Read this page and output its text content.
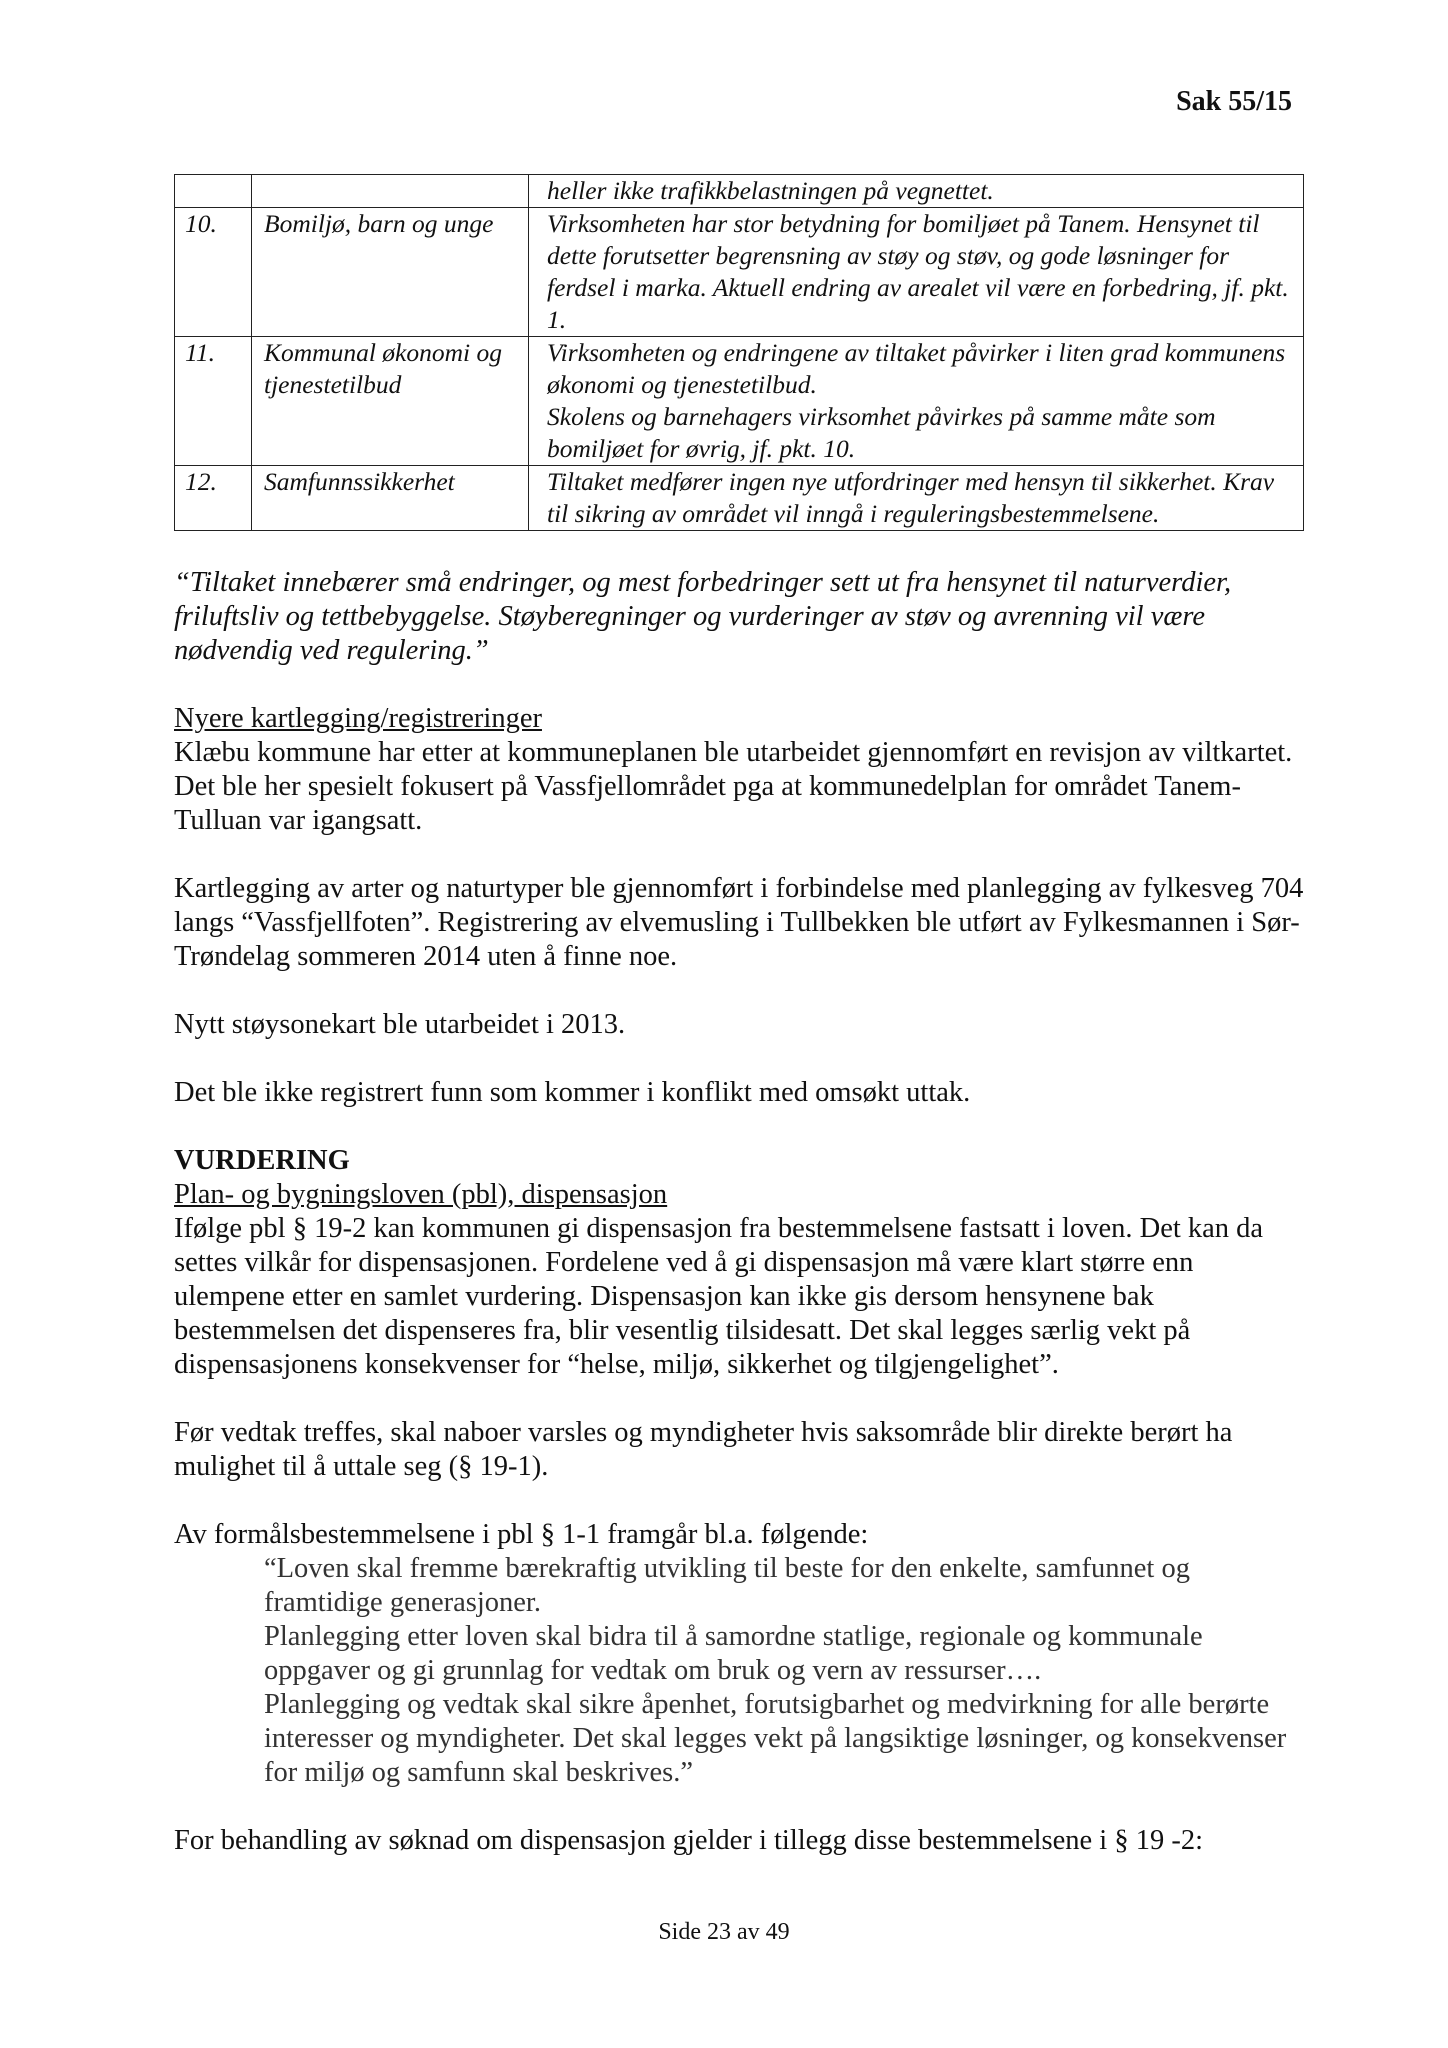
Sak 55/15
		heller ikke trafikkbelastningen på vegnettet.
10.	Bomiljø, barn og unge	Virksomheten har stor betydning for bomiljøet på Tanem. Hensynet til dette forutsetter begrensning av støy og støv, og gode løsninger for ferdsel i marka. Aktuell endring av arealet vil være en forbedring, jf. pkt. 1.
11.	Kommunal økonomi og tjenestetilbud	Virksomheten og endringene av tiltaket påvirker i liten grad kommunens økonomi og tjenestetilbud.
Skolens og barnehagers virksomhet påvirkes på samme måte som bomiljøet for øvrig, jf. pkt. 10.

12.	Samfunnssikkerhet	Tiltaket medfører ingen nye utfordringer med hensyn til sikkerhet. Krav til sikring av området vil inngå i reguleringsbestemmelsene.
“Tiltaket innebærer små endringer, og mest forbedringer sett ut fra hensynet til naturverdier, friluftsliv og tettbebyggelse. Støyberegninger og vurderinger av støv og avrenning vil være nødvendig ved regulering.”

Nyere kartlegging/registreringer

Klæbu kommune har etter at kommuneplanen ble utarbeidet gjennomført en revisjon av viltkartet. Det ble her spesielt fokusert på Vassfjellområdet pga at kommunedelplan for området Tanem-Tulluan var igangsatt.

Kartlegging av arter og naturtyper ble gjennomført i forbindelse med planlegging av fylkesveg 704 langs “Vassfjellfoten”. Registrering av elvemusling i Tullbekken ble utført av Fylkesmannen i Sør-Trøndelag sommeren 2014 uten å finne noe.
Nytt støysonekart ble utarbeidet i 2013.
Det ble ikke registrert funn som kommer i konflikt med omsøkt uttak.

VURDERING

Plan- og bygningsloven (pbl), dispensasjon

Ifølge pbl § 19-2 kan kommunen gi dispensasjon fra bestemmelsene fastsatt i loven. Det kan da settes vilkår for dispensasjonen. Fordelene ved å gi dispensasjon må være klart større enn ulempene etter en samlet vurdering. Dispensasjon kan ikke gis dersom hensynene bak bestemmelsen det dispenseres fra, blir vesentlig tilsidesatt. Det skal legges særlig vekt på dispensasjonens konsekvenser for “helse, miljø, sikkerhet og tilgjengelighet”.

Før vedtak treffes, skal naboer varsles og myndigheter hvis saksområde blir direkte berørt ha mulighet til å uttale seg (§ 19-1).

Av formålsbestemmelsene i pbl § 1-1 framgår bl.a. følgende:

“Loven skal fremme bærekraftig utvikling til beste for den enkelte, samfunnet og framtidige generasjoner.

Planlegging etter loven skal bidra til å samordne statlige, regionale og kommunale oppgaver og gi grunnlag for vedtak om bruk og vern av ressurser….

Planlegging og vedtak skal sikre åpenhet, forutsigbarhet og medvirkning for alle berørte interesser og myndigheter. Det skal legges vekt på langsiktige løsninger, og konsekvenser for miljø og samfunn skal beskrives.”

For behandling av søknad om dispensasjon gjelder i tillegg disse bestemmelsene i § 19 -2:
Side 23 av 49
